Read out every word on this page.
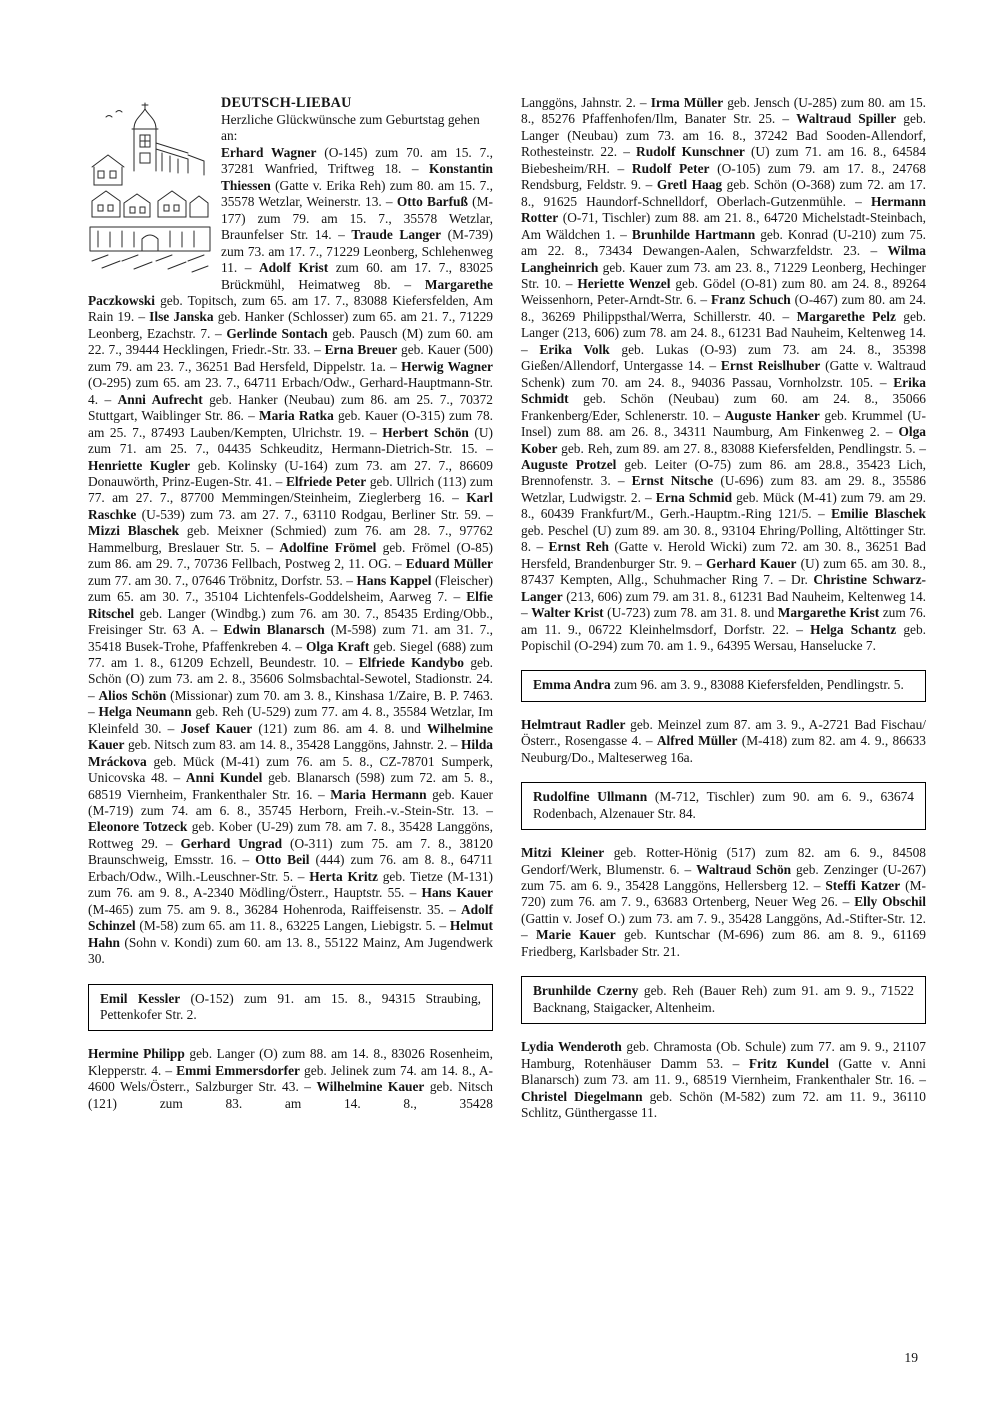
DEUTSCH-LIEBAU
Herzliche Glückwünsche zum Geburtstag gehen an:
Erhard Wagner (O-145) zum 70. am 15. 7., 37281 Wanfried, Triftweg 18. – Konstantin Thiessen (Gatte v. Erika Reh) zum 80. am 15. 7., 35578 Wetzlar, Weinerstr. 13. – Otto Barfuß (M-177) zum 79. am 15. 7., 35578 Wetzlar, Braunfelser Str. 14. – Traude Langer (M-739) zum 73. am 17. 7., 71229 Leonberg, Schlehenweg 11. – Adolf Krist zum 60. am 17. 7., 83025 Brückmühl, Heimatweg 8b. – Margarethe Paczkowski geb. Topitsch, zum 65. am 17. 7., 83088 Kiefersfelden, Am Rain 19. – Ilse Janska geb. Hanker (Schlosser) zum 65. am 21. 7., 71229 Leonberg, Ezachstr. 7. – Gerlinde Sontach geb. Pausch (M) zum 60. am 22. 7., 39444 Hecklingen, Friedr.-Str. 33. – Erna Breuer geb. Kauer (500) zum 79. am 23. 7., 36251 Bad Hersfeld, Dippelstr. 1a. – Herwig Wagner (O-295) zum 65. am 23. 7., 64711 Erbach/Odw., Gerhard-Hauptmann-Str. 4. – Anni Aufrecht geb. Hanker (Neubau) zum 86. am 25. 7., 70372 Stuttgart, Waiblinger Str. 86. – Maria Ratka geb. Kauer (O-315) zum 78. am 25. 7., 87493 Lauben/Kempten, Ulrichstr. 19. – Herbert Schön (U) zum 71. am 25. 7., 04435 Schkeuditz, Hermann-Dietrich-Str. 15. – Henriette Kugler geb. Kolinsky (U-164) zum 73. am 27. 7., 86609 Donauwörth, Prinz-Eugen-Str. 41. – Elfriede Peter geb. Ullrich (113) zum 77. am 27. 7., 87700 Memmingen/Steinheim, Zieglerberg 16. – Karl Raschke (U-539) zum 73. am 27. 7., 63110 Rodgau, Berliner Str. 59. – Mizzi Blaschek geb. Meixner (Schmied) zum 76. am 28. 7., 97762 Hammelburg, Breslauer Str. 5. – Adolfine Frömel geb. Frömel (O-85) zum 86. am 29. 7., 70736 Fellbach, Postweg 2, 11. OG. – Eduard Müller zum 77. am 30. 7., 07646 Tröbnitz, Dorfstr. 53. – Hans Kappel (Fleischer) zum 65. am 30. 7., 35104 Lichtenfels-Goddelsheim, Aarweg 7. – Elfie Ritschel geb. Langer (Windbg.) zum 76. am 30. 7., 85435 Erding/Obb., Freisinger Str. 63 A. – Edwin Blanarsch (M-598) zum 71. am 31. 7., 35418 Busek-Trohe, Pfaffenkreben 4. – Olga Kraft geb. Siegel (688) zum 77. am 1. 8., 61209 Echzell, Beundestr. 10. – Elfriede Kandybo geb. Schön (O) zum 73. am 2. 8., 35606 Solmsbachtal-Sewotel, Stadionstr. 24. – Alios Schön (Missionar) zum 70. am 3. 8., Kinshasa 1/Zaire, B. P. 7463. – Helga Neumann geb. Reh (U-529) zum 77. am 4. 8., 35584 Wetzlar, Im Kleinfeld 30. – Josef Kauer (121) zum 86. am 4. 8. und Wilhelmine Kauer geb. Nitsch zum 83. am 14. 8., 35428 Langgöns, Jahnstr. 2. – Hilda Mráckova geb. Mück (M-41) zum 76. am 5. 8., CZ-78701 Sumperk, Unicovska 48. – Anni Kundel geb. Blanarsch (598) zum 72. am 5. 8., 68519 Viernheim, Frankenthaler Str. 16. – Maria Hermann geb. Kauer (M-719) zum 74. am 6. 8., 35745 Herborn, Freih.-v.-Stein-Str. 13. – Eleonore Totzeck geb. Kober (U-29) zum 78. am 7. 8., 35428 Langgöns, Rottweg 29. – Gerhard Ungrad (O-311) zum 75. am 7. 8., 38120 Braunschweig, Emsstr. 16. – Otto Beil (444) zum 76. am 8. 8., 64711 Erbach/Odw., Wilh.-Leuschner-Str. 5. – Herta Kritz geb. Tietze (M-131) zum 76. am 9. 8., A-2340 Mödling/Österr., Hauptstr. 55. – Hans Kauer (M-465) zum 75. am 9. 8., 36284 Hohenroda, Raiffeisenstr. 35. – Adolf Schinzel (M-58) zum 65. am 11. 8., 63225 Langen, Liebigstr. 5. – Helmut Hahn (Sohn v. Kondi) zum 60. am 13. 8., 55122 Mainz, Am Jugendwerk 30.
Emil Kessler (O-152) zum 91. am 15. 8., 94315 Straubing, Pettenkofer Str. 2.
Hermine Philipp geb. Langer (O) zum 88. am 14. 8., 83026 Rosenheim, Klepperstr. 4. – Emmi Emmersdorfer geb. Jelinek zum 74. am 14. 8., A-4600 Wels/Österr., Salzburger Str. 43. – Wilhelmine Kauer geb. Nitsch (121) zum 83. am 14. 8., 35428
Langgöns, Jahnstr. 2. – Irma Müller geb. Jensch (U-285) zum 80. am 15. 8., 85276 Pfaffenhofen/Ilm, Banater Str. 25. – Waltraud Spiller geb. Langer (Neubau) zum 73. am 16. 8., 37242 Bad Sooden-Allendorf, Rothesteinstr. 22. – Rudolf Kunschner (U) zum 71. am 16. 8., 64584 Biebesheim/RH. – Rudolf Peter (O-105) zum 79. am 17. 8., 24768 Rendsburg, Feldstr. 9. – Gretl Haag geb. Schön (O-368) zum 72. am 17. 8., 91625 Haundorf-Schnelldorf, Oberlach-Gutzenmühle. – Hermann Rotter (O-71, Tischler) zum 88. am 21. 8., 64720 Michelstadt-Steinbach, Am Wäldchen 1. – Brunhilde Hartmann geb. Konrad (U-210) zum 75. am 22. 8., 73434 Dewangen-Aalen, Schwarzfeldstr. 23. – Wilma Langheinrich geb. Kauer zum 73. am 23. 8., 71229 Leonberg, Hechinger Str. 10. – Heriette Wenzel geb. Gödel (O-81) zum 80. am 24. 8., 89264 Weissenhorn, Peter-Arndt-Str. 6. – Franz Schuch (O-467) zum 80. am 24. 8., 36269 Philippsthal/Werra, Schillerstr. 40. – Margarethe Pelz geb. Langer (213, 606) zum 78. am 24. 8., 61231 Bad Nauheim, Keltenweg 14. – Erika Volk geb. Lukas (O-93) zum 73. am 24. 8., 35398 Gießen/Allendorf, Untergasse 14. – Ernst Reislhuber (Gatte v. Waltraud Schenk) zum 70. am 24. 8., 94036 Passau, Vornholzstr. 105. – Erika Schmidt geb. Schön (Neubau) zum 60. am 24. 8., 35066 Frankenberg/Eder, Schlenerstr. 10. – Auguste Hanker geb. Krummel (U-Insel) zum 88. am 26. 8., 34311 Naumburg, Am Finkenweg 2. – Olga Kober geb. Reh, zum 89. am 27. 8., 83088 Kiefersfelden, Pendlingstr. 5. – Auguste Protzel geb. Leiter (O-75) zum 86. am 28.8., 35423 Lich, Brennofenstr. 3. – Ernst Nitsche (U-696) zum 83. am 29. 8., 35586 Wetzlar, Ludwigstr. 2. – Erna Schmid geb. Mück (M-41) zum 79. am 29. 8., 60439 Frankfurt/M., Gerh.-Hauptm.-Ring 121/5. – Emilie Blaschek geb. Peschel (U) zum 89. am 30. 8., 93104 Ehring/Polling, Altöttinger Str. 8. – Ernst Reh (Gatte v. Herold Wicki) zum 72. am 30. 8., 36251 Bad Hersfeld, Brandenburger Str. 9. – Gerhard Kauer (U) zum 65. am 30. 8., 87437 Kempten, Allg., Schuhmacher Ring 7. – Dr. Christine Schwarz-Langer (213, 606) zum 79. am 31. 8., 61231 Bad Nauheim, Keltenweg 14. – Walter Krist (U-723) zum 78. am 31. 8. und Margarethe Krist zum 76. am 11. 9., 06722 Kleinhelmsdorf, Dorfstr. 22. – Helga Schantz geb. Popischil (O-294) zum 70. am 1. 9., 64395 Wersau, Hanselucke 7.
Emma Andra zum 96. am 3. 9., 83088 Kiefersfelden, Pendlingstr. 5.
Helmtraut Radler geb. Meinzel zum 87. am 3. 9., A-2721 Bad Fischau/Österr., Rosengasse 4. – Alfred Müller (M-418) zum 82. am 4. 9., 86633 Neuburg/Do., Malteserweg 16a.
Rudolfine Ullmann (M-712, Tischler) zum 90. am 6. 9., 63674 Rodenbach, Alzenauer Str. 84.
Mitzi Kleiner geb. Rotter-Hönig (517) zum 82. am 6. 9., 84508 Gendorf/Werk, Blumenstr. 6. – Waltraud Schön geb. Zenzinger (U-267) zum 75. am 6. 9., 35428 Langgöns, Hellersberg 12. – Steffi Katzer (M-720) zum 76. am 7. 9., 63683 Ortenberg, Neuer Weg 26. – Elly Obschil (Gattin v. Josef O.) zum 73. am 7. 9., 35428 Langgöns, Ad.-Stifter-Str. 12. – Marie Kauer geb. Kuntschar (M-696) zum 86. am 8. 9., 61169 Friedberg, Karlsbader Str. 21.
Brunhilde Czerny geb. Reh (Bauer Reh) zum 91. am 9. 9., 71522 Backnang, Staigacker, Altenheim.
Lydia Wenderoth geb. Chramosta (Ob. Schule) zum 77. am 9. 9., 21107 Hamburg, Rotenhäuser Damm 53. – Fritz Kundel (Gatte v. Anni Blanarsch) zum 73. am 11. 9., 68519 Viernheim, Frankenthaler Str. 16. – Christel Diegelmann geb. Schön (M-582) zum 72. am 11. 9., 36110 Schlitz, Günthergasse 11.
19
